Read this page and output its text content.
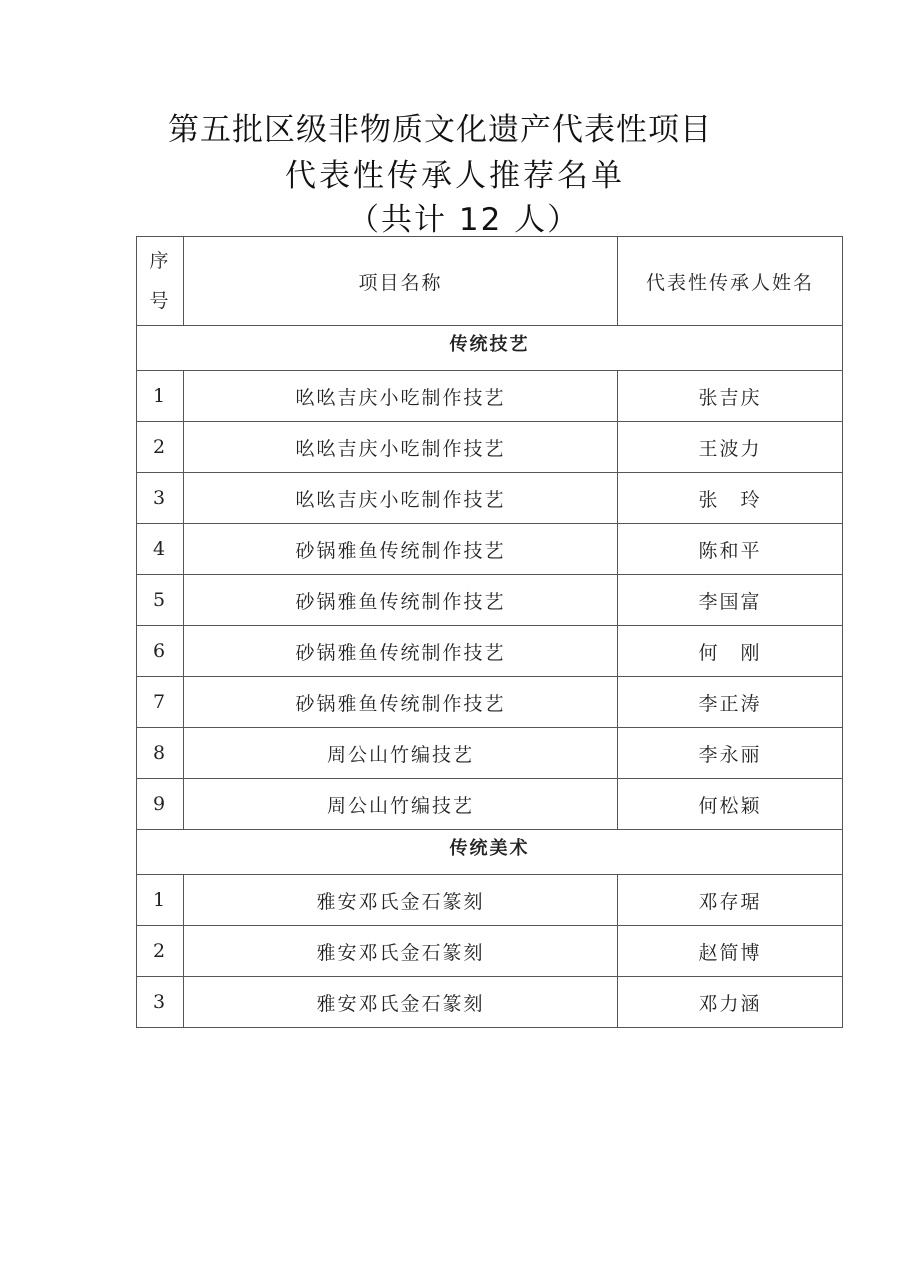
第五批区级非物质文化遗产代表性项目
代表性传承人推荐名单
（共计 12 人）
序
号	项目名称	代表性传承人姓名
传统技艺		
1	吆吆吉庆小吃制作技艺	张吉庆
2	吆吆吉庆小吃制作技艺	王波力
3	吆吆吉庆小吃制作技艺	张　玲
4	砂锅雅鱼传统制作技艺	陈和平
5	砂锅雅鱼传统制作技艺	李国富
6	砂锅雅鱼传统制作技艺	何　刚
7	砂锅雅鱼传统制作技艺	李正涛
8	周公山竹编技艺	李永丽
9	周公山竹编技艺	何松颖
传统美术		
1	雅安邓氏金石篆刻	邓存琚
2	雅安邓氏金石篆刻	赵简博
3	雅安邓氏金石篆刻	邓力涵
